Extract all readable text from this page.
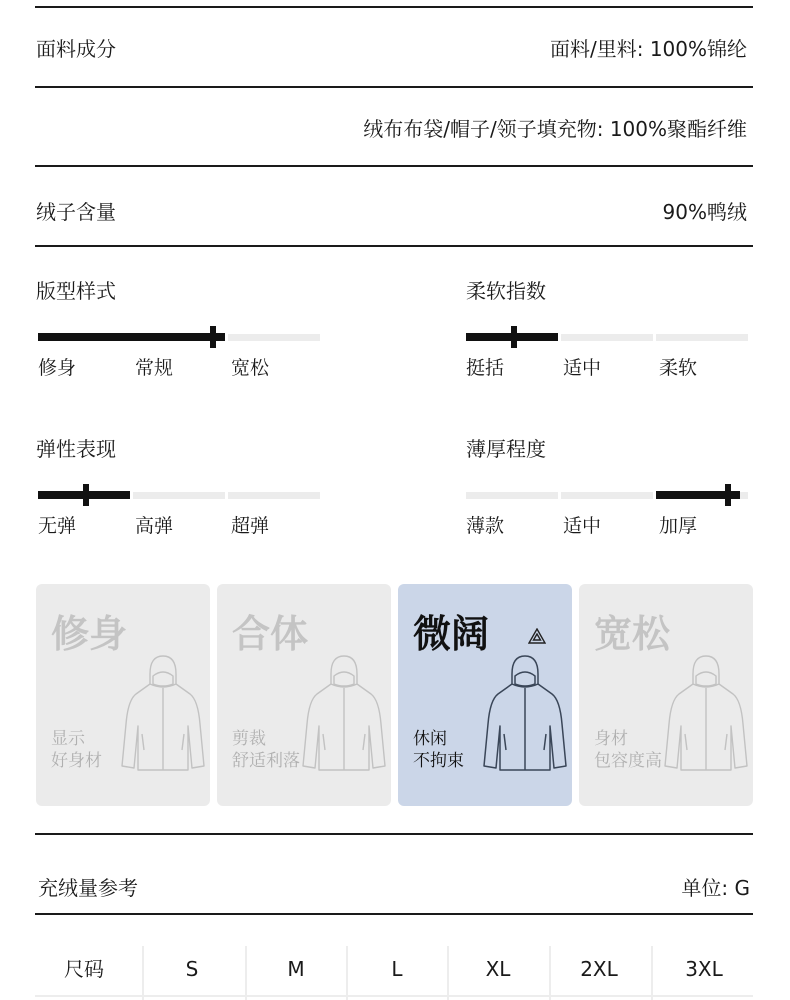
面料成分	面料/里料: 100%锦纶
绒布布袋/帽子/领子填充物: 100%聚酯纤维
绒子含量	90%鸭绒
版型样式
修身	常规	宽松
柔软指数
挺括	适中	柔软
弹性表现
无弹	高弹	超弹
薄厚程度
薄款	适中	加厚
修身
显示
好身材
合体
剪裁
舒适利落
微阔
休闲
不拘束
宽松
身材
包容度高
充绒量参考	单位: G
尺码	S	M	L	XL	2XL	3XL
